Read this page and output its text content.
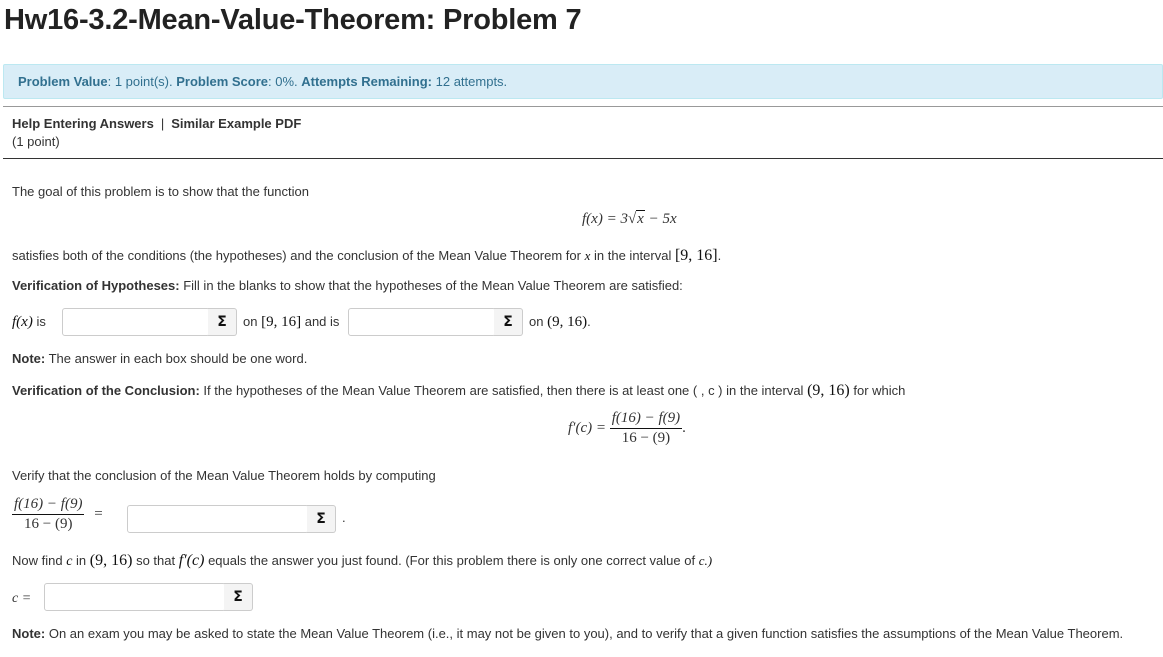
Hw16-3.2-Mean-Value-Theorem: Problem 7
Problem Value: 1 point(s). Problem Score: 0%. Attempts Remaining: 12 attempts.
Help Entering Answers | Similar Example PDF
(1 point)
The goal of this problem is to show that the function
f(x) = 3√x − 5x
satisfies both of the conditions (the hypotheses) and the conclusion of the Mean Value Theorem for x in the interval [9, 16].
Verification of Hypotheses: Fill in the blanks to show that the hypotheses of the Mean Value Theorem are satisfied:
f(x) is	Σ	on [9, 16] and is	Σ	on (9, 16).
Note: The answer in each box should be one word.
Verification of the Conclusion: If the hypotheses of the Mean Value Theorem are satisfied, then there is at least one ( , c ) in the interval (9, 16) for which
$f'(c) = \frac{f(16) - f(9)}{16 - (9)}$ .
Verify that the conclusion of the Mean Value Theorem holds by computing
$\frac{f(16) - f(9)}{16 - (9)}$ =	Σ	.
Now find c in (9, 16) so that f′(c) equals the answer you just found. (For this problem there is only one correct value of c.)
c =	Σ
Note: On an exam you may be asked to state the Mean Value Theorem (i.e., it may not be given to you), and to verify that a given function satisfies the assumptions of the Mean Value Theorem.
